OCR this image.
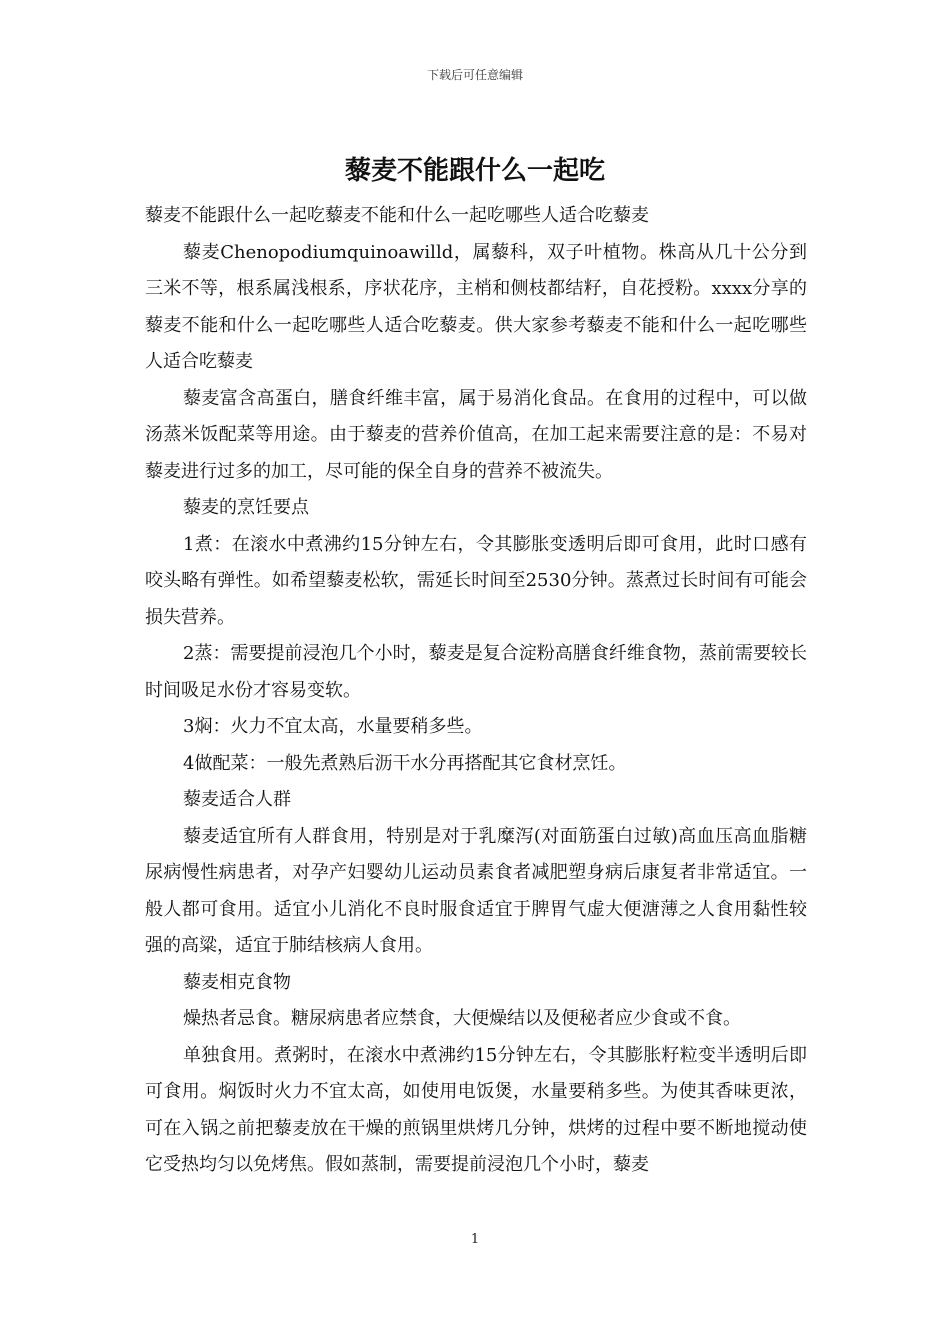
下载后可任意编辑
藜麦不能跟什么一起吃

藜麦不能跟什么一起吃藜麦不能和什么一起吃哪些人适合吃藜麦

藜麦Chenopodiumquinoawilld，属藜科，双子叶植物。株高从几十公分到三米不等，根系属浅根系，序状花序，主梢和侧枝都结籽，自花授粉。xxxx分享的藜麦不能和什么一起吃哪些人适合吃藜麦。供大家参考藜麦不能和什么一起吃哪些人适合吃藜麦

藜麦富含高蛋白，膳食纤维丰富，属于易消化食品。在食用的过程中，可以做汤蒸米饭配菜等用途。由于藜麦的营养价值高，在加工起来需要注意的是：不易对藜麦进行过多的加工，尽可能的保全自身的营养不被流失。

藜麦的烹饪要点

1煮：在滚水中煮沸约15分钟左右，令其膨胀变透明后即可食用，此时口感有咬头略有弹性。如希望藜麦松软，需延长时间至2530分钟。蒸煮过长时间有可能会损失营养。

2蒸：需要提前浸泡几个小时，藜麦是复合淀粉高膳食纤维食物，蒸前需要较长时间吸足水份才容易变软。

3焖：火力不宜太高，水量要稍多些。

4做配菜：一般先煮熟后沥干水分再搭配其它食材烹饪。

藜麦适合人群

藜麦适宜所有人群食用，特别是对于乳糜泻(对面筋蛋白过敏)高血压高血脂糖尿病慢性病患者，对孕产妇婴幼儿运动员素食者减肥塑身病后康复者非常适宜。一般人都可食用。适宜小儿消化不良时服食适宜于脾胃气虚大便溏薄之人食用黏性较强的高粱，适宜于肺结核病人食用。

藜麦相克食物

燥热者忌食。糖尿病患者应禁食，大便燥结以及便秘者应少食或不食。

单独食用。煮粥时，在滚水中煮沸约15分钟左右，令其膨胀籽粒变半透明后即可食用。焖饭时火力不宜太高，如使用电饭煲，水量要稍多些。为使其香味更浓，可在入锅之前把藜麦放在干燥的煎锅里烘烤几分钟，烘烤的过程中要不断地搅动使它受热均匀以免烤焦。假如蒸制，需要提前浸泡几个小时，藜麦

1
